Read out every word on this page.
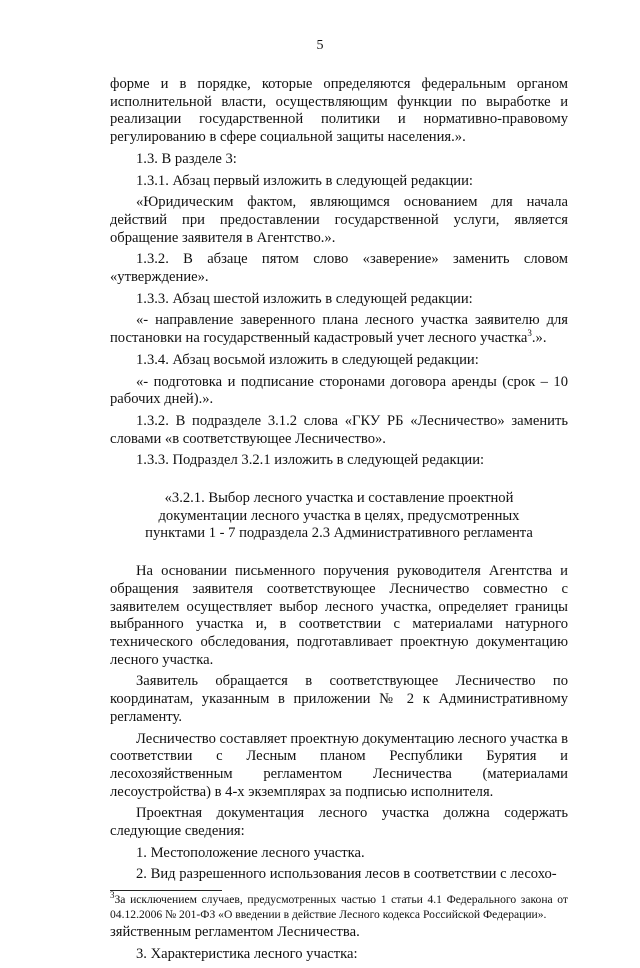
5

форме и в порядке, которые определяются федеральным органом исполнительной власти, осуществляющим функции по выработке и реализации государственной политики и нормативно-правовому регулированию в сфере социальной защиты населения.».

1.3. В разделе 3:

1.3.1. Абзац первый изложить в следующей редакции:

«Юридическим фактом, являющимся основанием для начала действий при предоставлении государственной услуги, является обращение заявителя в Агентство.».

1.3.2. В абзаце пятом слово «заверение» заменить словом «утверждение».

1.3.3. Абзац шестой изложить в следующей редакции:

«- направление заверенного плана лесного участка заявителю для постановки на государственный кадастровый учет лесного участка$^3$.».

1.3.4. Абзац восьмой изложить в следующей редакции:

«- подготовка и подписание сторонами договора аренды (срок – 10 рабочих дней).».

1.3.2. В подразделе 3.1.2 слова «ГКУ РБ «Лесничество» заменить словами «в соответствующее Лесничество».

1.3.3. Подраздел 3.2.1 изложить в следующей редакции:

«3.2.1. Выбор лесного участка и составление проектной
документации лесного участка в целях, предусмотренных
пунктами 1 - 7 подраздела 2.3 Административного регламента

На основании письменного поручения руководителя Агентства и обращения заявителя соответствующее Лесничество совместно с заявителем осуществляет выбор лесного участка, определяет границы выбранного участка и, в соответствии с материалами натурного технического обследования, подготавливает проектную документацию лесного участка.

Заявитель обращается в соответствующее Лесничество по координатам, указанным в приложении № 2 к Административному регламенту.

Лесничество составляет проектную документацию лесного участка в соответствии с Лесным планом Республики Бурятия и лесохозяйственным регламентом Лесничества (материалами лесоустройства) в 4-х экземплярах за подписью исполнителя.

Проектная документация лесного участка должна содержать следующие сведения:

1. Местоположение лесного участка.

2. Вид разрешенного использования лесов в соответствии с лесохо-

$^3$За исключением случаев, предусмотренных частью 1 статьи 4.1 Федерального закона от 04.12.2006 № 201-ФЗ «О введении в действие Лесного кодекса Российской Федерации».

зяйственным регламентом Лесничества.

3. Характеристика лесного участка:
